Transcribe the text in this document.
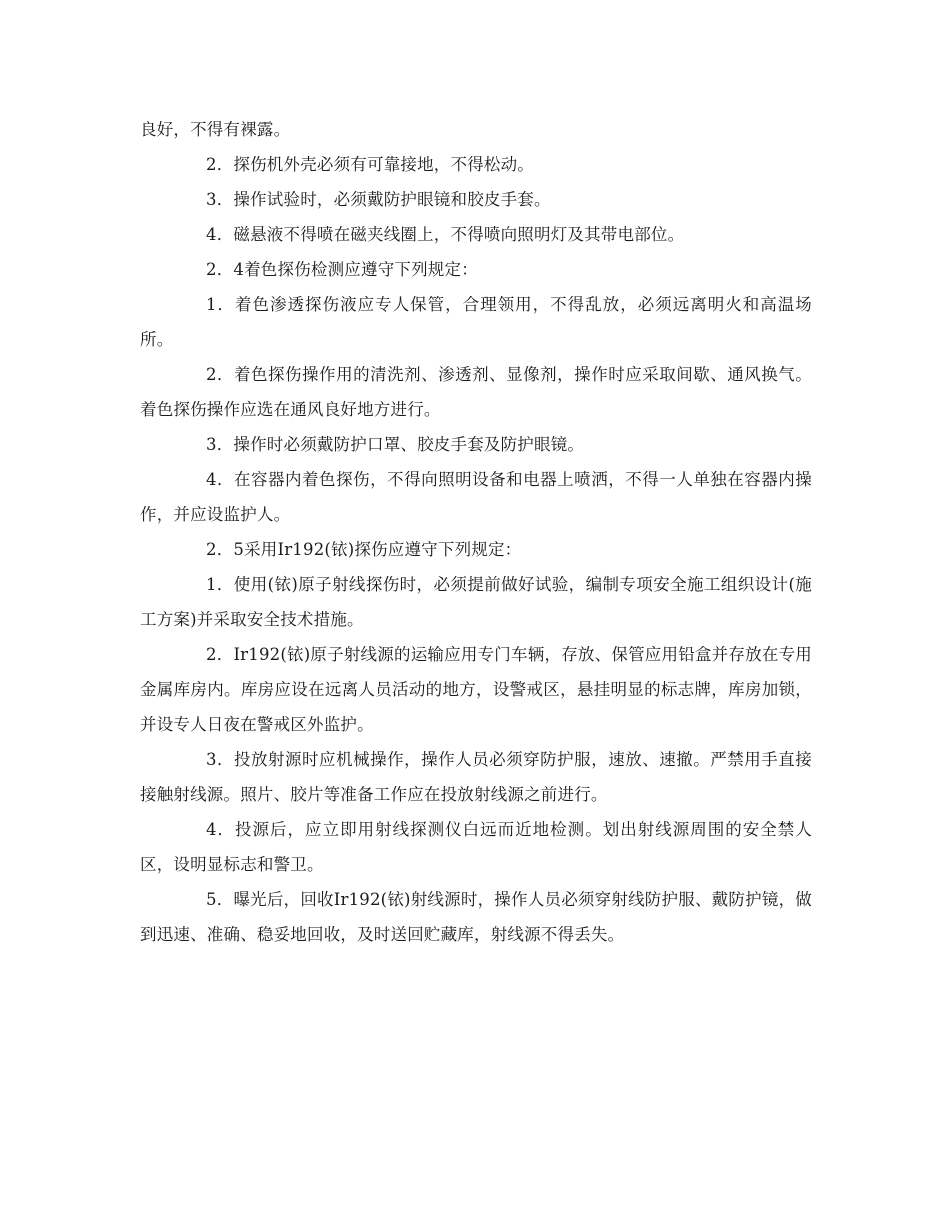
良好，不得有裸露。

2．探伤机外壳必须有可靠接地，不得松动。

3．操作试验时，必须戴防护眼镜和胶皮手套。

4．磁悬液不得喷在磁夹线圈上，不得喷向照明灯及其带电部位。

2．4着色探伤检测应遵守下列规定：

1．着色渗透探伤液应专人保管，合理领用，不得乱放，必须远离明火和高温场所。

2．着色探伤操作用的清洗剂、渗透剂、显像剂，操作时应采取间歇、通风换气。着色探伤操作应选在通风良好地方进行。

3．操作时必须戴防护口罩、胶皮手套及防护眼镜。

4．在容器内着色探伤，不得向照明设备和电器上喷洒，不得一人单独在容器内操作，并应设监护人。

2．5采用Ir192(铱)探伤应遵守下列规定：

1．使用(铱)原子射线探伤时，必须提前做好试验，编制专项安全施工组织设计(施工方案)并采取安全技术措施。

2．Ir192(铱)原子射线源的运输应用专门车辆，存放、保管应用铅盒并存放在专用金属库房内。库房应设在远离人员活动的地方，设警戒区，悬挂明显的标志牌，库房加锁，并设专人日夜在警戒区外监护。

3．投放射源时应机械操作，操作人员必须穿防护服，速放、速撤。严禁用手直接接触射线源。照片、胶片等准备工作应在投放射线源之前进行。

4．投源后，应立即用射线探测仪白远而近地检测。划出射线源周围的安全禁人区，设明显标志和警卫。

5．曝光后，回收Ir192(铱)射线源时，操作人员必须穿射线防护服、戴防护镜，做到迅速、准确、稳妥地回收，及时送回贮藏库，射线源不得丢失。
